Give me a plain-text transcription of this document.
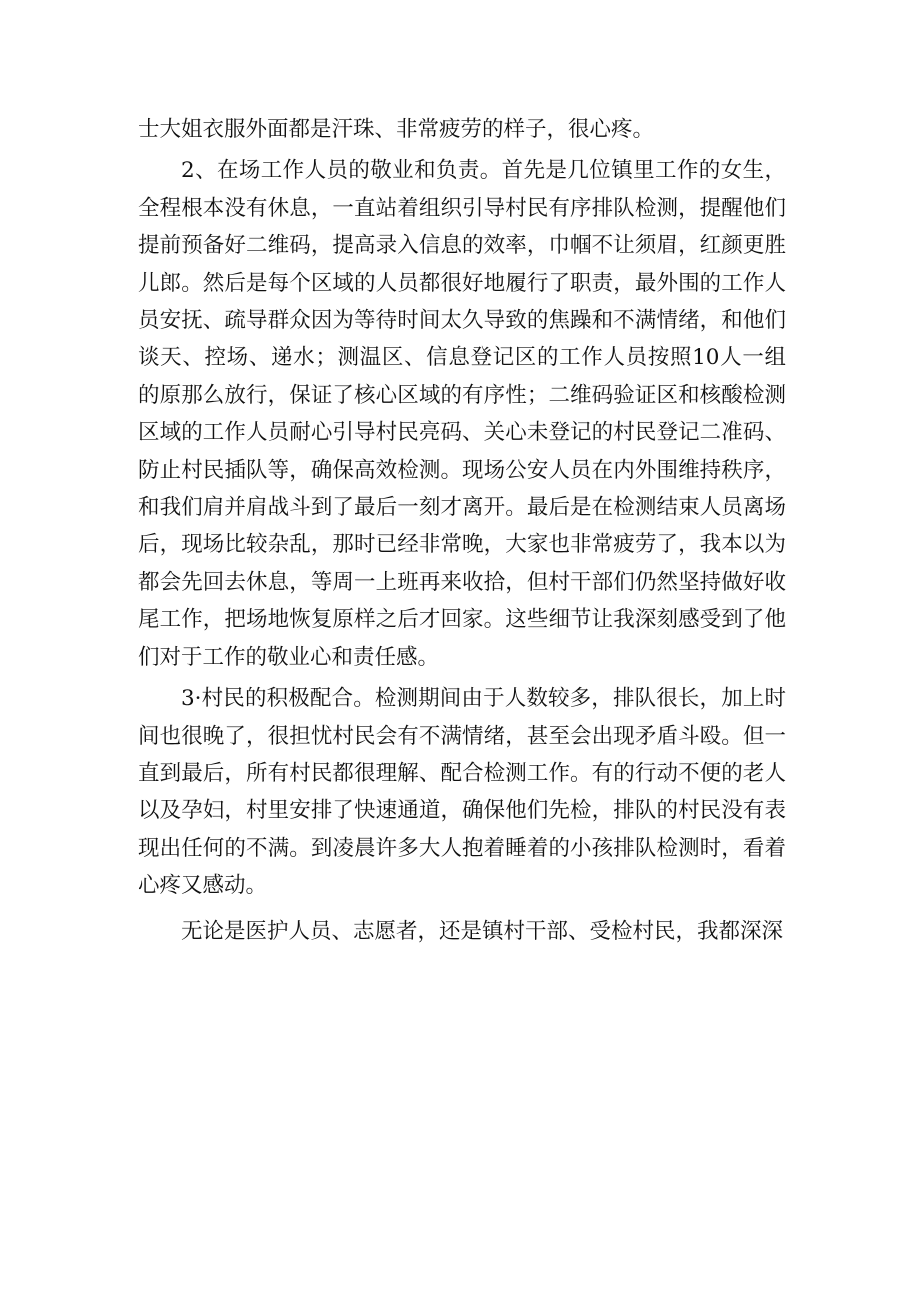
士大姐衣服外面都是汗珠、非常疲劳的样子，很心疼。

2、在场工作人员的敬业和负责。首先是几位镇里工作的女生，全程根本没有休息，一直站着组织引导村民有序排队检测，提醒他们提前预备好二维码，提高录入信息的效率，巾帼不让须眉，红颜更胜儿郎。然后是每个区域的人员都很好地履行了职责，最外围的工作人员安抚、疏导群众因为等待时间太久导致的焦躁和不满情绪，和他们谈天、控场、递水；测温区、信息登记区的工作人员按照10人一组的原那么放行，保证了核心区域的有序性；二维码验证区和核酸检测区域的工作人员耐心引导村民亮码、关心未登记的村民登记二准码、防止村民插队等，确保高效检测。现场公安人员在内外围维持秩序，和我们肩并肩战斗到了最后一刻才离开。最后是在检测结束人员离场后，现场比较杂乱，那时已经非常晚，大家也非常疲劳了，我本以为都会先回去休息，等周一上班再来收拾，但村干部们仍然坚持做好收尾工作，把场地恢复原样之后才回家。这些细节让我深刻感受到了他们对于工作的敬业心和责任感。

3·村民的积极配合。检测期间由于人数较多，排队很长，加上时间也很晚了，很担忧村民会有不满情绪，甚至会出现矛盾斗殴。但一直到最后，所有村民都很理解、配合检测工作。有的行动不便的老人以及孕妇，村里安排了快速通道，确保他们先检，排队的村民没有表现出任何的不满。到凌晨许多大人抱着睡着的小孩排队检测时，看着心疼又感动。

无论是医护人员、志愿者，还是镇村干部、受检村民，我都深深
